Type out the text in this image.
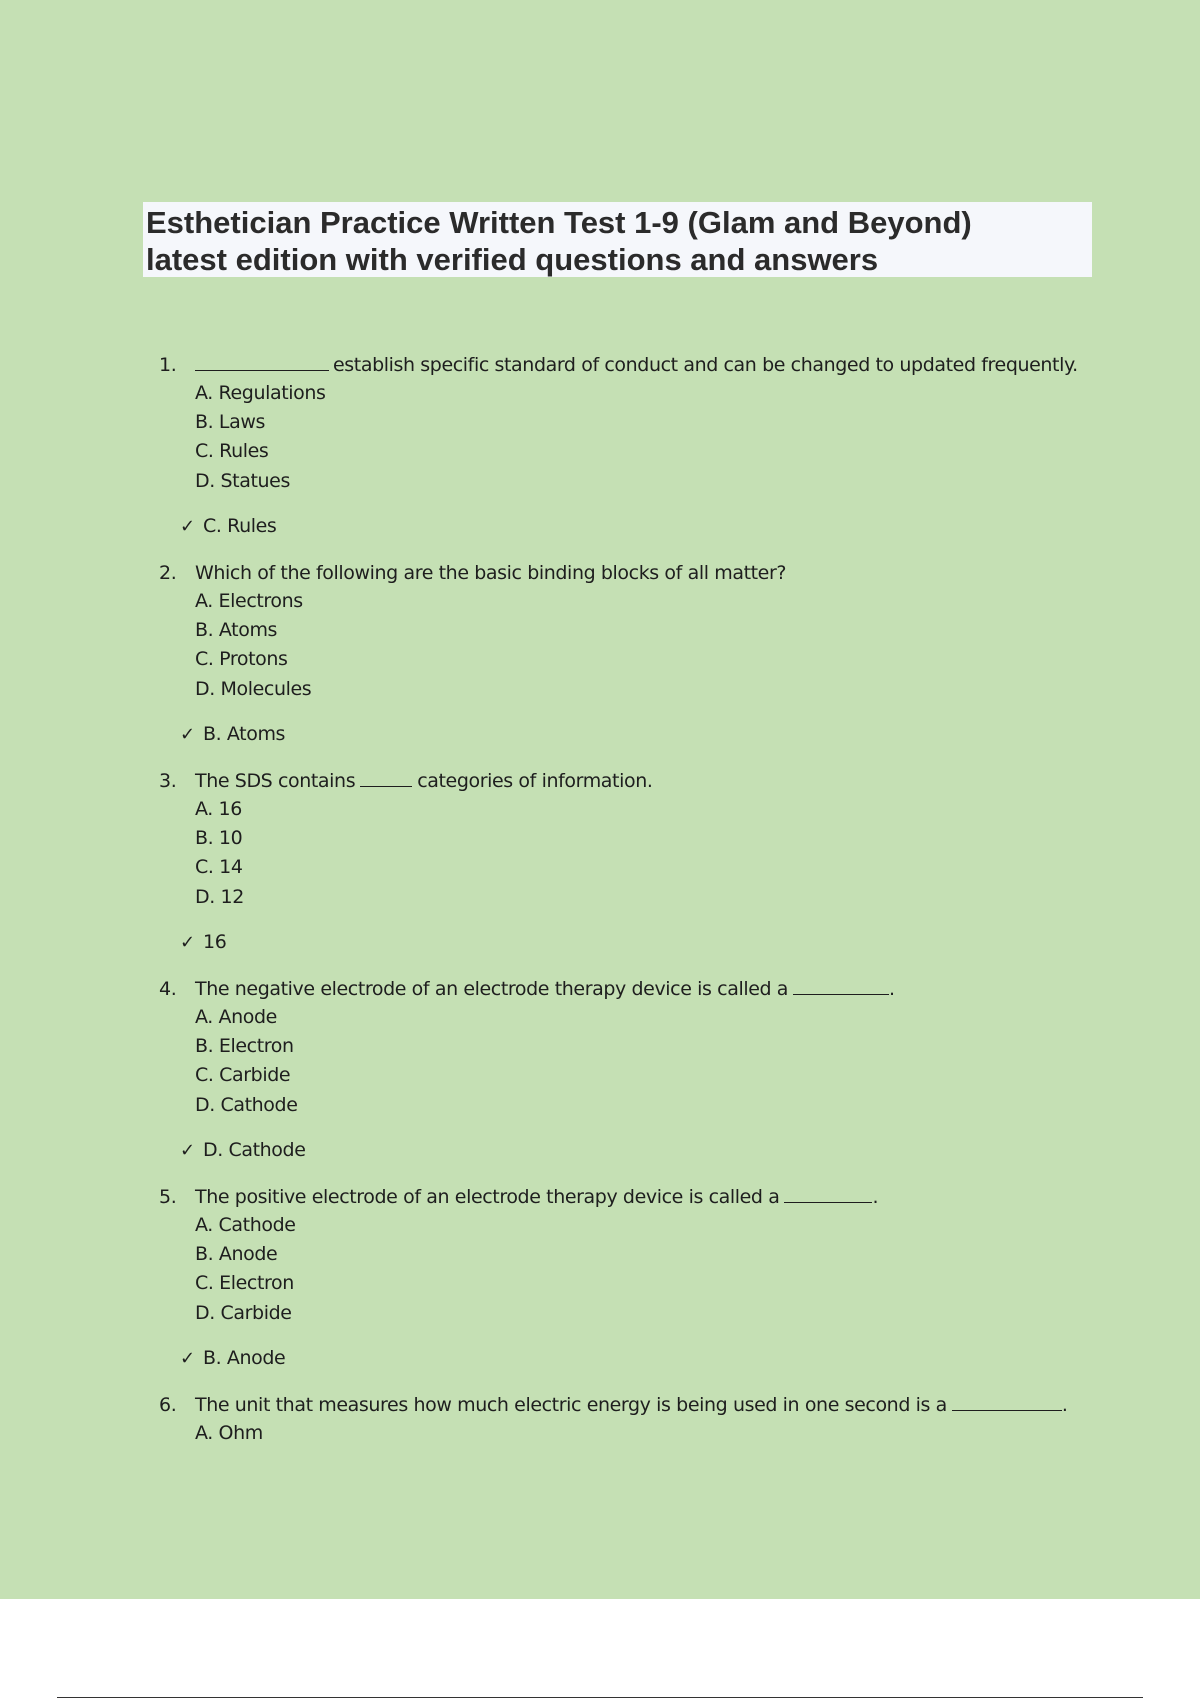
Esthetician Practice Written Test 1-9 (Glam and Beyond)
latest edition with verified questions and answers
1.	establish specific standard of conduct and can be changed to updated frequently.
A. Regulations
B. Laws
C. Rules
D. Statues
✓ C. Rules
2. Which of the following are the basic binding blocks of all matter?
A. Electrons
B. Atoms
C. Protons
D. Molecules
✓ B. Atoms
3. The SDS contains	categories of information.
A. 16
B. 10
C. 14
D. 12
✓ 16
4. The negative electrode of an electrode therapy device is called a	.
A. Anode
B. Electron
C. Carbide
D. Cathode
✓ D. Cathode
5. The positive electrode of an electrode therapy device is called a	.
A. Cathode
B. Anode
C. Electron
D. Carbide
✓ B. Anode
6. The unit that measures how much electric energy is being used in one second is a	.
A. Ohm
